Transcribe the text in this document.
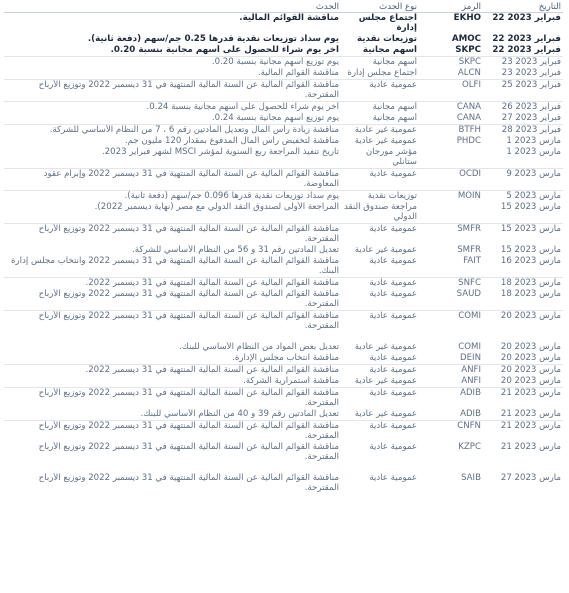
التاريخ	الرمز	نوع الحدث	الحدث
22 فبراير 2023	EKHO	اجتماع مجلس إدارة	مناقشة القوائم المالية.
22 فبراير 2023	AMOC	توزيعات نقدية	يوم سداد توزيعات نقدية قدرها 0.25 جم/سهم (دفعة ثانية).
22 فبراير 2023	SKPC	أسهم مجانية	أخر يوم شراء للحصول على أسهم مجانية بنسبة 0.20.
23 فبراير 2023	SKPC	أسهم مجانية	يوم توزيع أسهم مجانية بنسبة 0.20.
23 فبراير 2023	ALCN	اجتماع مجلس إدارة	مناقشة القوائم المالية.
25 فبراير 2023	OLFI	عمومية عادية	مناقشة القوائم المالية عن السنة المالية المنتهية في 31 ديسمبر 2022 وتوزيع الأرباح المقترحة.
26 فبراير 2023	CANA	أسهم مجانية	أخر يوم شراء للحصول على أسهم مجانية بنسبة 0.24.
27 فبراير 2023	CANA	أسهم مجانية	يوم توزيع أسهم مجانية بنسبة 0.24.
28 فبراير 2023	BTFH	عمومية غير عادية	مناقشة زيادة رأس المال وتعديل المادتين رقم 6 ، 7 من النظام الأساسي للشركة.
1 مارس 2023	PHDC	عمومية غير عادية	مناقشة لتخفيض رأس المال المدفوع بمقدار 120 مليون جم.
1 مارس 2023		مؤشر مورجان ستانلي	تاريخ تنفيذ المراجعة ربع السنوية لمؤشر MSCI لشهر فبراير 2023.
9 مارس 2023	OCDI	عمومية عادية	مناقشة القوائم المالية عن السنة المالية المنتهية في 31 ديسمبر 2022 وإبرام عقود المعاوضة.
5 مارس 2023	MOIN	توزيعات نقدية	يوم سداد توزيعات نقدية قدرها 0.096 جم/سهم (دفعة ثانية).
15 مارس 2023		مراجعة صندوق النقد الدولي	المراجعة الأولى لصندوق النقد الدولي مع مصر (نهاية ديسمبر 2022).
15 مارس 2023	SMFR	عمومية عادية	مناقشة القوائم المالية عن السنة المالية المنتهية في 31 ديسمبر 2022 وتوزيع الأرباح المقترحة.
15 مارس 2023	SMFR	عمومية غير عادية	تعديل المادتين رقم 31 و 56 من النظام الأساسي للشركة.
16 مارس 2023	FAIT	عمومية عادية	مناقشة القوائم المالية عن السنة المالية المنتهية في 31 ديسمبر 2022 وانتخاب مجلس إدارة البنك.
18 مارس 2023	SNFC	عمومية عادية	مناقشة القوائم المالية عن السنة المالية المنتهية في 31 ديسمبر 2022.
18 مارس 2023	SAUD	عمومية عادية	مناقشة القوائم المالية عن السنة المالية المنتهية في 31 ديسمبر 2022 وتوزيع الأرباح المقترحة.
20 مارس 2023	COMI	عمومية عادية	مناقشة القوائم المالية عن السنة المالية المنتهية في 31 ديسمبر 2022 وتوزيع الأرباح المقترحة.
20 مارس 2023	COMI	عمومية غير عادية	تعديل بعض المواد من النظام الأساسي للبنك.
20 مارس 2023	DEIN	عمومية عادية	مناقشة انتخاب مجلس الإدارة.
20 مارس 2023	ANFI	عمومية عادية	مناقشة القوائم المالية عن السنة المالية المنتهية في 31 ديسمبر 2022.
20 مارس 2023	ANFI	عمومية غير عادية	مناقشة استمرارية الشركة.
21 مارس 2023	ADIB	عمومية عادية	مناقشة القوائم المالية عن السنة المالية المنتهية في 31 ديسمبر 2022 وتوزيع الأرباح المقترحة.
21 مارس 2023	ADIB	عمومية غير عادية	تعديل المادتين رقم 39 و 40 من النظام الأساسي للبنك.
21 مارس 2023	CNFN	عمومية عادية	مناقشة القوائم المالية عن السنة المالية المنتهية في 31 ديسمبر 2022 وتوزيع الأرباح المقترحة.
21 مارس 2023	KZPC	عمومية عادية	مناقشة القوائم المالية عن السنة المالية المنتهية في 31 ديسمبر 2022 وتوزيع الأرباح المقترحة.
27 مارس 2023	SAIB	عمومية عادية	مناقشة القوائم المالية عن السنة المالية المنتهية في 31 ديسمبر 2022 وتوزيع الأرباح المقترحة.
